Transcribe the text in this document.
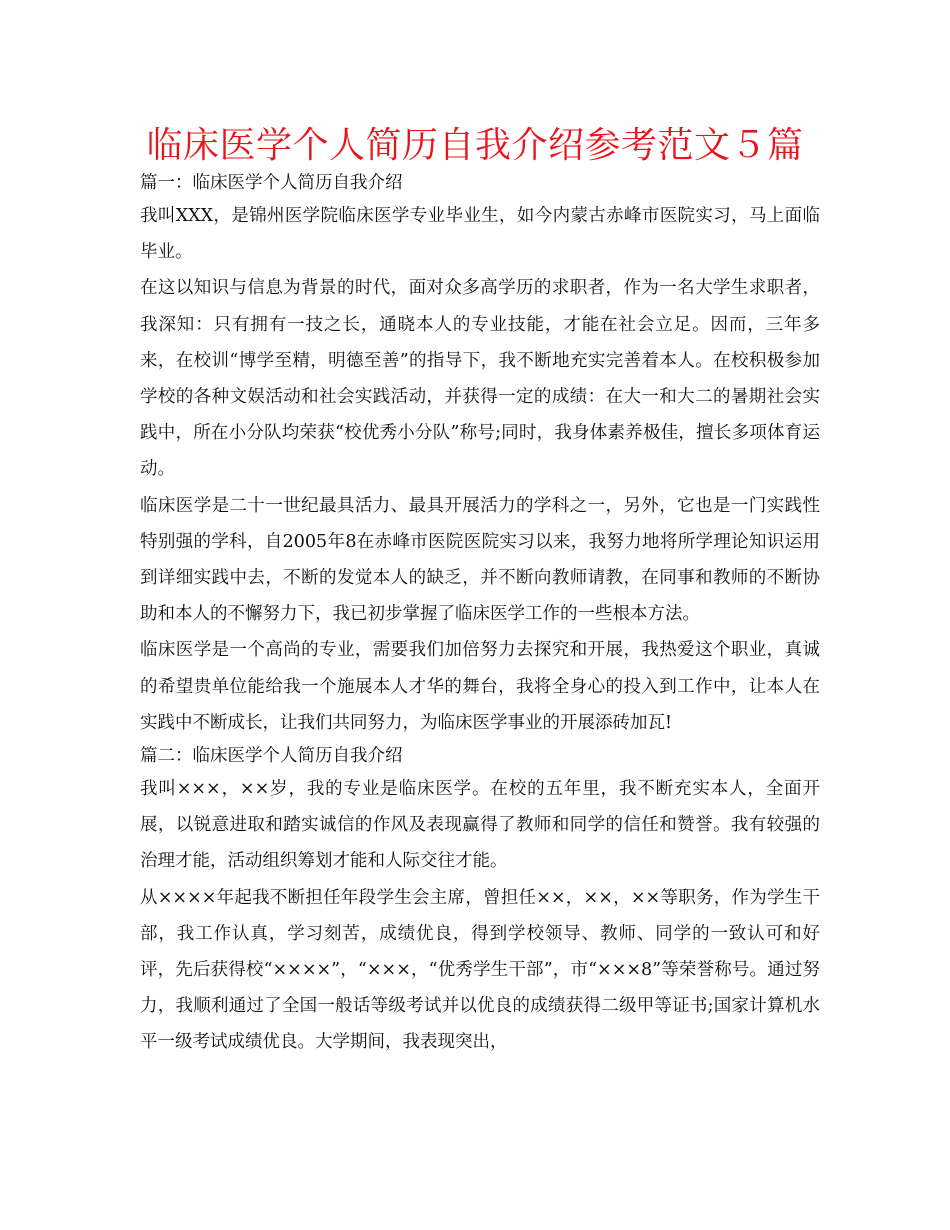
临床医学个人简历自我介绍参考范文５篇

篇一：临床医学个人简历自我介绍

我叫XXX，是锦州医学院临床医学专业毕业生，如今内蒙古赤峰市医院实习，马上面临毕业。

在这以知识与信息为背景的时代，面对众多高学历的求职者，作为一名大学生求职者，我深知：只有拥有一技之长，通晓本人的专业技能，才能在社会立足。因而，三年多来，在校训“博学至精，明德至善”的指导下，我不断地充实完善着本人。在校积极参加学校的各种文娱活动和社会实践活动，并获得一定的成绩：在大一和大二的暑期社会实践中，所在小分队均荣获“校优秀小分队”称号;同时，我身体素养极佳，擅长多项体育运动。

临床医学是二十一世纪最具活力、最具开展活力的学科之一，另外，它也是一门实践性特别强的学科，自2005年8在赤峰市医院医院实习以来，我努力地将所学理论知识运用到详细实践中去，不断的发觉本人的缺乏，并不断向教师请教，在同事和教师的不断协助和本人的不懈努力下，我已初步掌握了临床医学工作的一些根本方法。

临床医学是一个高尚的专业，需要我们加倍努力去探究和开展，我热爱这个职业，真诚的希望贵单位能给我一个施展本人才华的舞台，我将全身心的投入到工作中，让本人在实践中不断成长，让我们共同努力，为临床医学事业的开展添砖加瓦!

篇二：临床医学个人简历自我介绍

我叫×××，××岁，我的专业是临床医学。在校的五年里，我不断充实本人，全面开展，以锐意进取和踏实诚信的作风及表现赢得了教师和同学的信任和赞誉。我有较强的治理才能，活动组织筹划才能和人际交往才能。

从××××年起我不断担任年段学生会主席，曾担任××，××，××等职务，作为学生干部，我工作认真，学习刻苦，成绩优良，得到学校领导、教师、同学的一致认可和好评，先后获得校“××××”，“×××，“优秀学生干部”，市“×××8”等荣誉称号。通过努力，我顺利通过了全国一般话等级考试并以优良的成绩获得二级甲等证书;国家计算机水平一级考试成绩优良。大学期间，我表现突出，
